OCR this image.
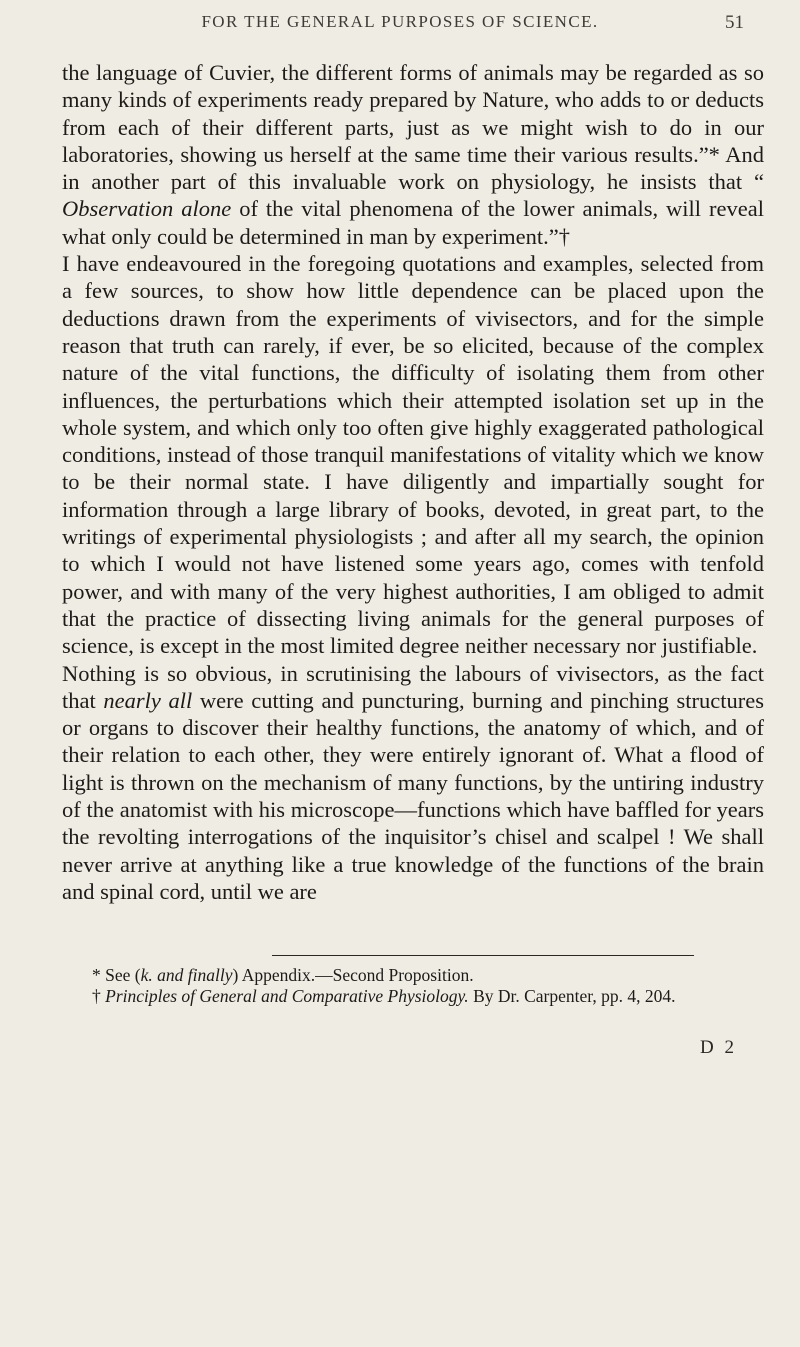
FOR THE GENERAL PURPOSES OF SCIENCE.	51

the language of Cuvier, the different forms of animals may be regarded as so many kinds of experiments ready prepared by Nature, who adds to or deducts from each of their different parts, just as we might wish to do in our laboratories, showing us herself at the same time their various results.”* And in another part of this invaluable work on physiology, he insists that “ Observation alone of the vital phenomena of the lower animals, will reveal what only could be determined in man by experiment.”†

I have endeavoured in the foregoing quotations and examples, selected from a few sources, to show how little dependence can be placed upon the deductions drawn from the experiments of vivisectors, and for the simple reason that truth can rarely, if ever, be so elicited, because of the complex nature of the vital functions, the difficulty of isolating them from other influences, the perturbations which their attempted isolation set up in the whole system, and which only too often give highly exaggerated pathological conditions, instead of those tranquil manifestations of vitality which we know to be their normal state. I have diligently and impartially sought for information through a large library of books, devoted, in great part, to the writings of experimental physiologists ; and after all my search, the opinion to which I would not have listened some years ago, comes with tenfold power, and with many of the very highest authorities, I am obliged to admit that the practice of dissecting living animals for the general purposes of science, is except in the most limited degree neither necessary nor justifiable.

Nothing is so obvious, in scrutinising the labours of vivisectors, as the fact that nearly all were cutting and puncturing, burning and pinching structures or organs to discover their healthy functions, the anatomy of which, and of their relation to each other, they were entirely ignorant of. What a flood of light is thrown on the mechanism of many functions, by the untiring industry of the anatomist with his microscope—functions which have baffled for years the revolting interrogations of the inquisitor’s chisel and scalpel ! We shall never arrive at anything like a true knowledge of the functions of the brain and spinal cord, until we are

* See (k. and finally) Appendix.—Second Proposition.

† Principles of General and Comparative Physiology. By Dr. Carpenter, pp. 4, 204.

D 2
